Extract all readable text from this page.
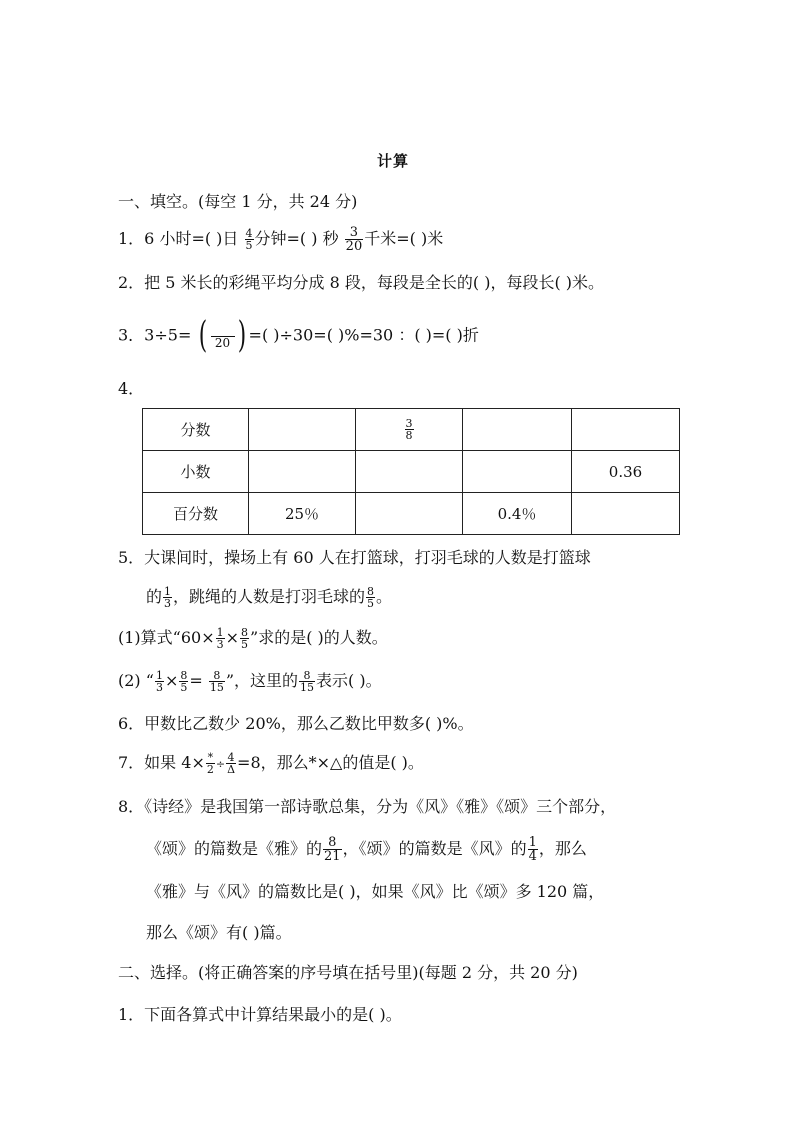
计算
一、填空。(每空 1 分，共 24 分)
1．6 小时=( )日 $\frac{4}{5}$ 分钟=( ) 秒 $\frac{3}{20}$ 千米=( )米
2．把 5 米长的彩绳平均分成 8 段，每段是全长的( )，每段长( )米。
3．3÷5= ( 20 ) =( )÷30=( )%=30 ：( )=( )折
4．
分数		$\frac{3}{8}$

小数				0.36
百分数	25％		0.4％	
5．大课间时，操场上有 60 人在打篮球，打羽毛球的人数是打篮球
的 $\frac{1}{3}$ ，跳绳的人数是打羽毛球的 $\frac{8}{5}$ 。
(1)算式“$60\times \frac{1}{3} \times \frac{8}{5}$ ”求的是( )的人数。
(2) “ $\frac{1}{3} \times \frac{8}{5} = \frac{8}{15}$ ”，这里的 $\frac{8}{15}$ 表示( )。
6．甲数比乙数少 20%，那么乙数比甲数多( )%。
7．如果 $4\times \frac{*}{2} \div \frac{4}{\Delta} =8$，那么*×△的值是( )。
8．《诗经》是我国第一部诗歌总集，分为《风》《雅》《颂》三个部分，
《颂》的篇数是《雅》的 $\frac{8}{21}$ ，《颂》的篇数是《风》的 $\frac{1}{4}$ ，那么
《雅》与《风》的篇数比是( )，如果《风》比《颂》多 120 篇，
那么《颂》有( )篇。
二、选择。(将正确答案的序号填在括号里)(每题 2 分，共 20 分)
1．下面各算式中计算结果最小的是( )。
